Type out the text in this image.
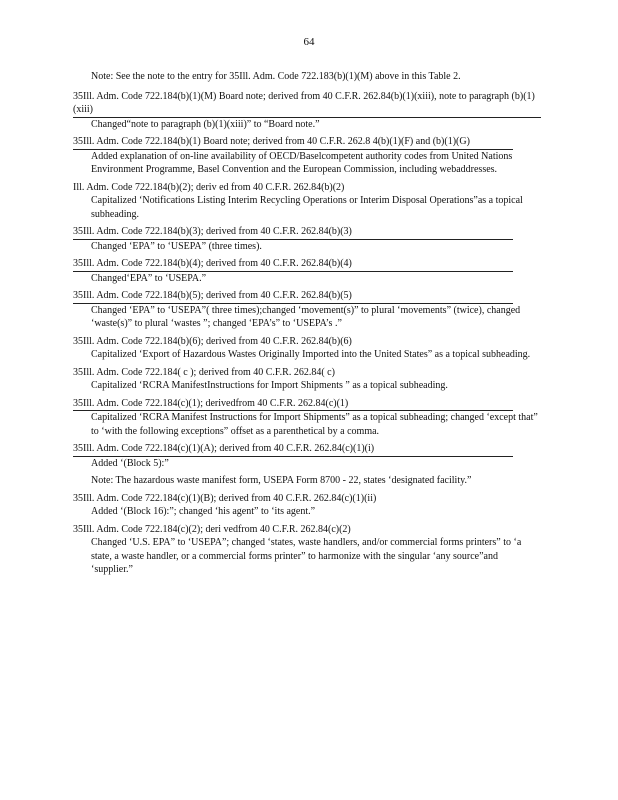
64
Note: See the note to the entry for 35Ill. Adm. Code 722.183(b)(1)(M) above in this Table 2.
35Ill. Adm. Code 722.184(b)(1)(M) Board note; derived from 40 C.F.R. 262.84(b)(1)(xiii), note to paragraph (b)(1)(xiii)
Changed“note to paragraph (b)(1)(xiii)” to “Board note.”
35Ill. Adm. Code 722.184(b)(1) Board note; derived from 40 C.F.R. 262.8 4(b)(1)(F) and (b)(1)(G)
Added explanation of on-line availability of OECD/Baselcompetent authority codes from United Nations Environment Programme, Basel Convention and the European Commission, including webaddresses.
Ill. Adm. Code 722.184(b)(2); deriv ed from 40 C.F.R. 262.84(b)(2)
Capitalized ‘Notifications Listing Interim Recycling Operations or Interim Disposal Operations”as a topical subheading.
35Ill. Adm. Code 722.184(b)(3); derived from 40 C.F.R. 262.84(b)(3)
Changed ‘EPA” to ‘USEPA” (three times).
35Ill. Adm. Code 722.184(b)(4); derived from 40 C.F.R. 262.84(b)(4)
Changed‘EPA” to ‘USEPA.”
35Ill. Adm. Code 722.184(b)(5); derived from 40 C.F.R. 262.84(b)(5)
Changed ‘EPA” to ‘USEPA”( three times);changed ‘movement(s)” to plural ‘movements” (twice), changed ‘waste(s)” to plural ‘wastes ”; changed ‘EPA’s” to ‘USEPA’s .”
35Ill. Adm. Code 722.184(b)(6); derived from 40 C.F.R. 262.84(b)(6)
Capitalized ‘Export of Hazardous Wastes Originally Imported into the United States” as a topical subheading.
35Ill. Adm. Code 722.184( c ); derived from 40 C.F.R. 262.84( c)
Capitalized ‘RCRA ManifestInstructions for Import Shipments ” as a topical subheading.
35Ill. Adm. Code 722.184(c)(1); derivedfrom 40 C.F.R. 262.84(c)(1)
Capitalized ‘RCRA Manifest Instructions for Import Shipments” as a topical subheading; changed ‘except that” to ‘with the following exceptions” offset as a parenthetical by a comma.
35Ill. Adm. Code 722.184(c)(1)(A); derived from 40 C.F.R. 262.84(c)(1)(i)
Added ‘(Block 5):”
Note: The hazardous waste manifest form, USEPA Form 8700 - 22, states ‘designated facility.”
35Ill. Adm. Code 722.184(c)(1)(B); derived from 40 C.F.R. 262.84(c)(1)(ii)
Added ‘(Block 16):”; changed ‘his agent” to ‘its agent.”
35Ill. Adm. Code 722.184(c)(2); deri vedfrom 40 C.F.R. 262.84(c)(2)
Changed ‘U.S. EPA” to ‘USEPA”; changed ‘states, waste handlers, and/or commercial forms printers” to ‘a state, a waste handler, or a commercial forms printer” to harmonize with the singular ‘any source”and ‘supplier.”
